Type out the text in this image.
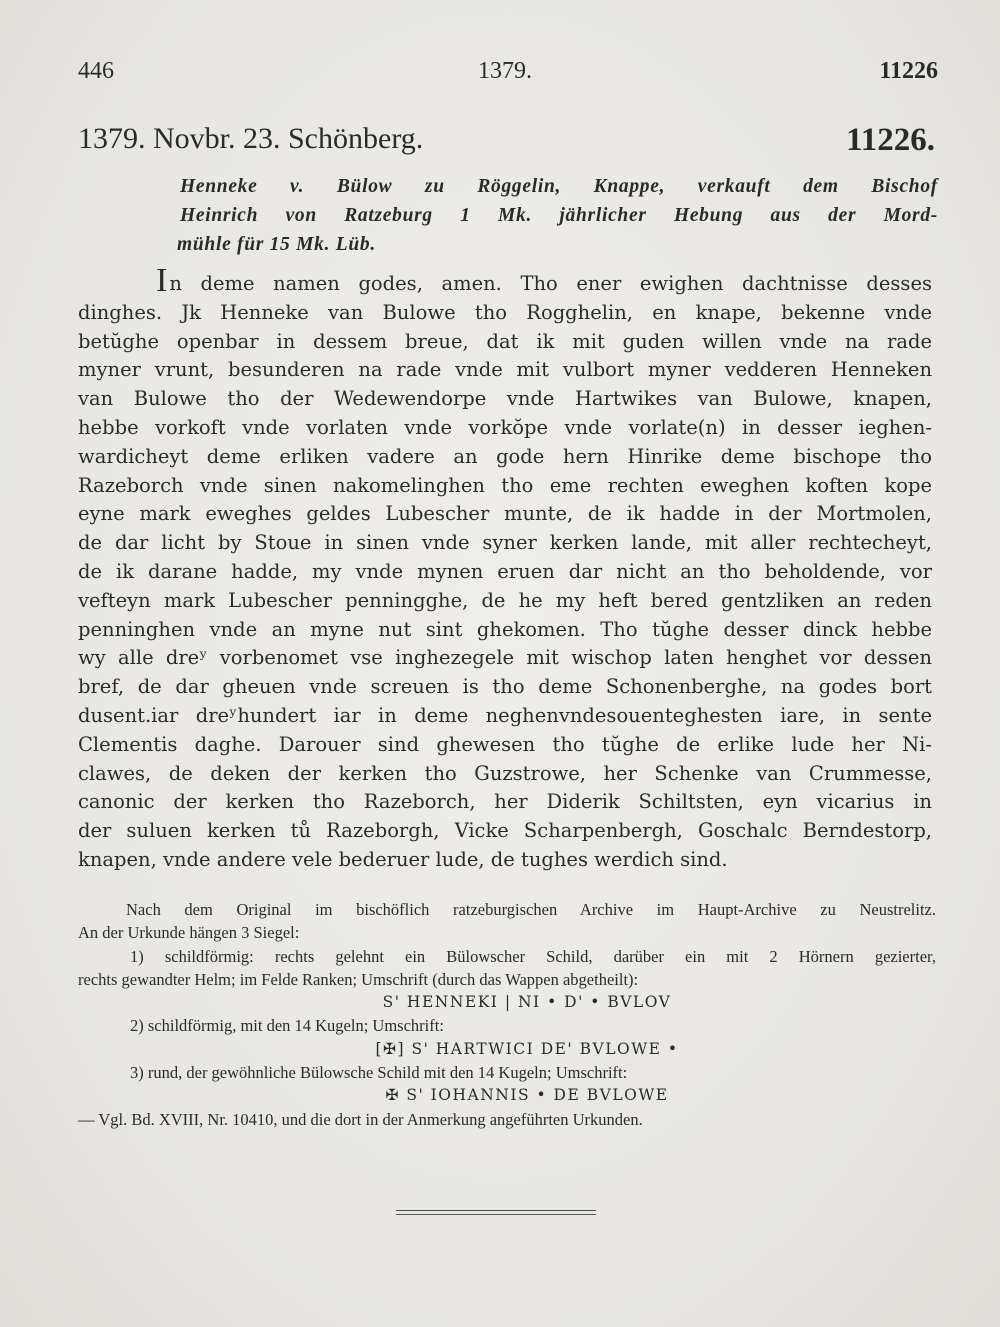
446	1379.	11226
1379. Novbr. 23. Schönberg.	11226.
Henneke v. Bülow zu Röggelin, Knappe, verkauft dem Bischof
Heinrich von Ratzeburg 1 Mk. jährlicher Hebung aus der Mord-
mühle für 15 Mk. Lüb.
In deme namen godes, amen. Tho ener ewighen dachtnisse desses
dinghes. Jk Henneke van Bulowe tho Rogghelin, en knape, bekenne vnde
betŭghe openbar in dessem breue, dat ik mit guden willen vnde na rade
myner vrunt, besunderen na rade vnde mit vulbort myner vedderen Henneken
van Bulowe tho der Wedewendorpe vnde Hartwikes van Bulowe, knapen,
hebbe vorkoft vnde vorlaten vnde vorkŏpe vnde vorlate(n) in desser ieghen-
wardicheyt deme erliken vadere an gode hern Hinrike deme bischope tho
Razeborch vnde sinen nakomelinghen tho eme rechten eweghen koften kope
eyne mark eweghes geldes Lubescher munte, de ik hadde in der Mortmolen,
de dar licht by Stoue in sinen vnde syner kerken lande, mit aller rechtecheyt,
de ik darane hadde, my vnde mynen eruen dar nicht an tho beholdende, vor
vefteyn mark Lubescher penningghe, de he my heft bered gentzliken an reden
penninghen vnde an myne nut sint ghekomen. Tho tŭghe desser dinck hebbe
wy alle dreʸ vorbenomet vse inghezegele mit wischop laten henghet vor dessen
bref, de dar gheuen vnde screuen is tho deme Schonenberghe, na godes bort
dusent.iar dreʸhundert iar in deme neghenvndesouenteghesten iare, in sente
Clementis daghe. Darouer sind ghewesen tho tŭghe de erlike lude her Ni-
clawes, de deken der kerken tho Guzstrowe, her Schenke van Crummesse,
canonic der kerken tho Razeborch, her Diderik Schiltsten, eyn vicarius in
der suluen kerken tů Razeborgh, Vicke Scharpenbergh, Goschalc Berndestorp,
knapen, vnde andere vele bederuer lude, de tughes werdich sind.
Nach dem Original im bischöflich ratzeburgischen Archive im Haupt-Archive zu Neustrelitz.
An der Urkunde hängen 3 Siegel:
1) schildförmig: rechts gelehnt ein Bülowscher Schild, darüber ein mit 2 Hörnern gezierter,
rechts gewandter Helm; im Felde Ranken; Umschrift (durch das Wappen abgetheilt):
S' HENNEKI | NI • D' • BVLOV
2) schildförmig, mit den 14 Kugeln; Umschrift:
[✠] S' HARTWICI DE' BVLOWE •
3) rund, der gewöhnliche Bülowsche Schild mit den 14 Kugeln; Umschrift:
✠ S' IOHANNIS • DE BVLOWE
— Vgl. Bd. XVIII, Nr. 10410, und die dort in der Anmerkung angeführten Urkunden.
